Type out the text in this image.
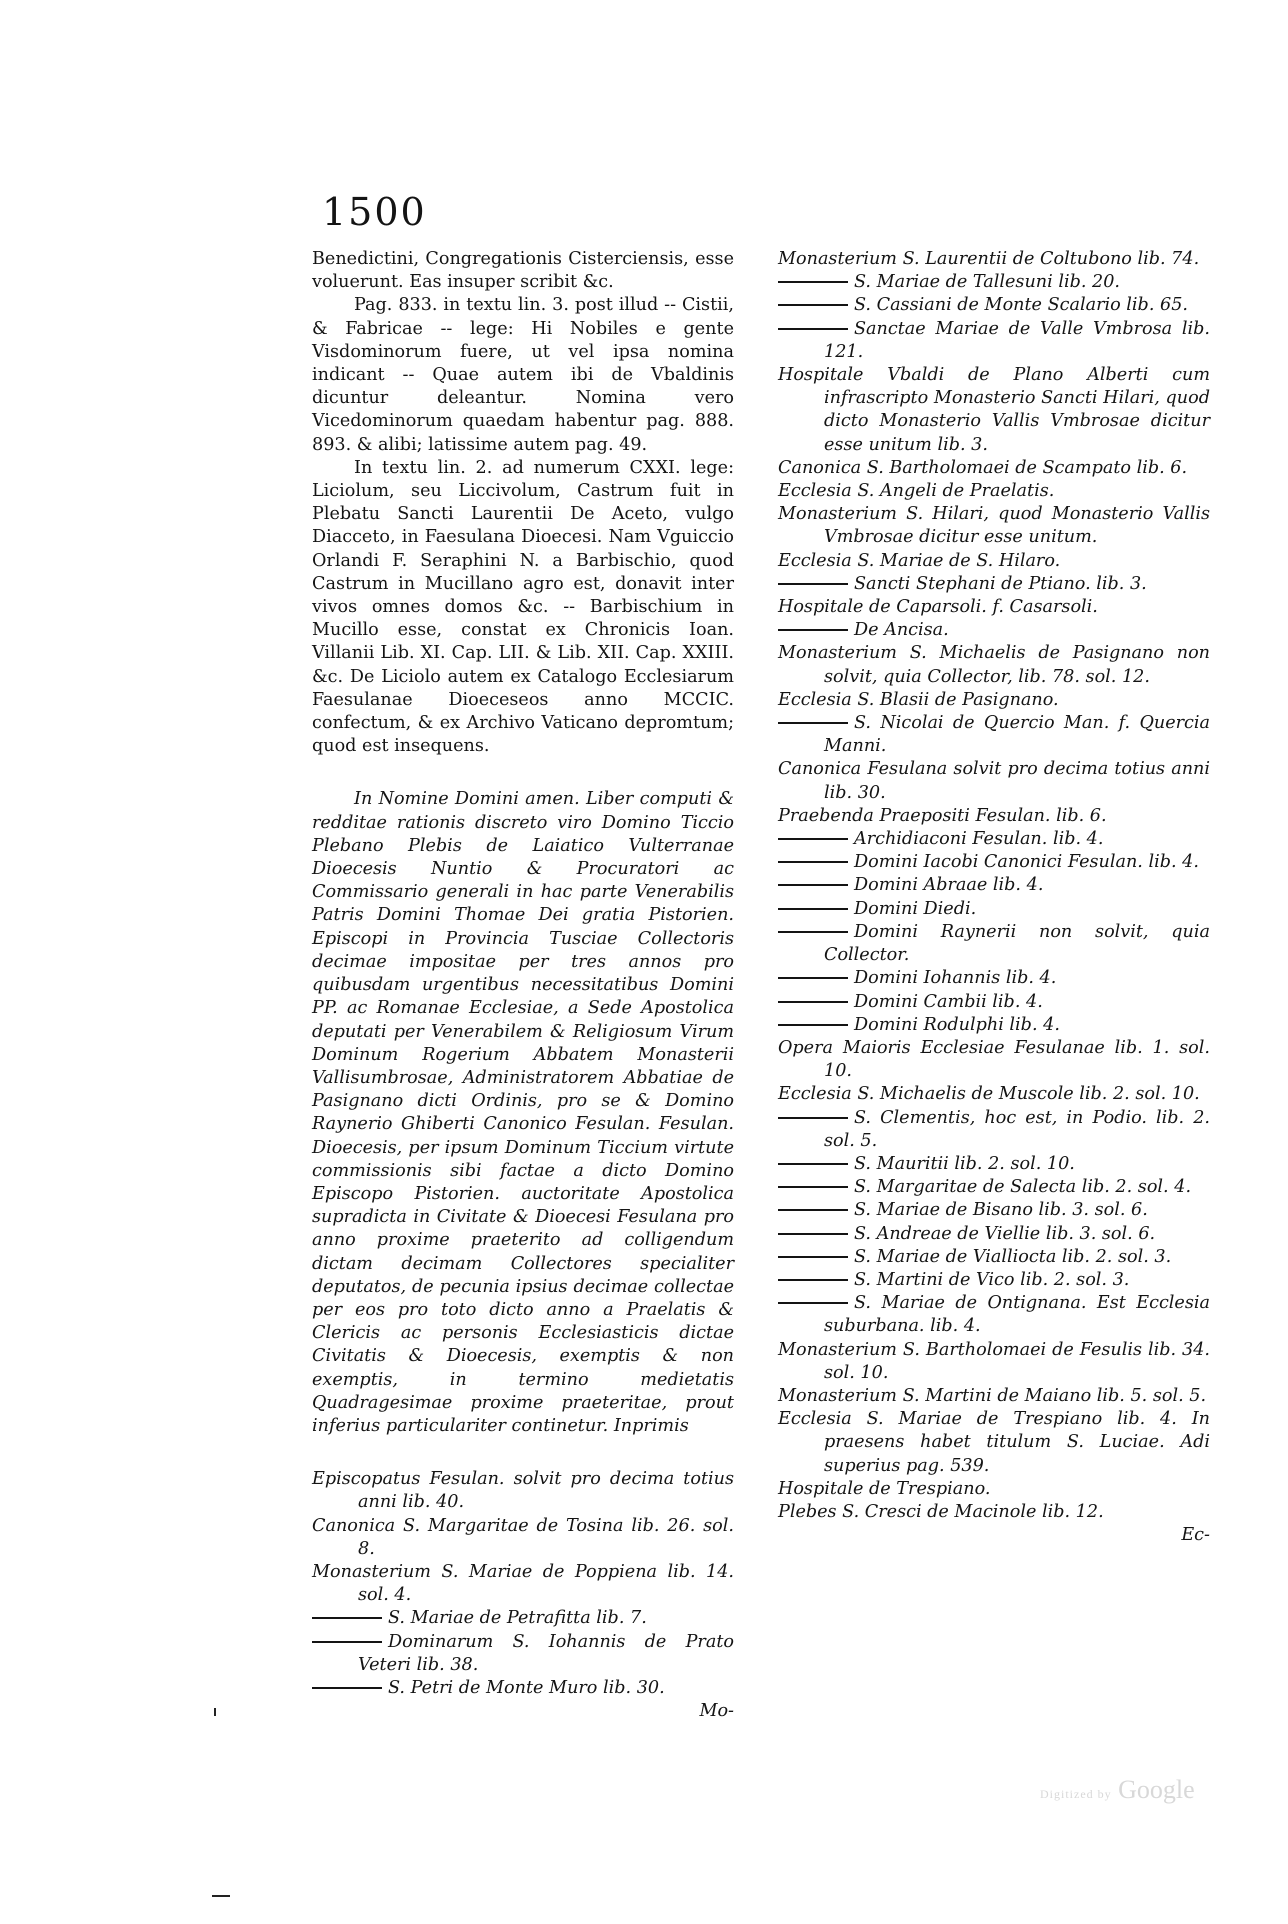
1500

Benedictini, Congregationis Cisterciensis, esse voluerunt. Eas insuper scribit &c.

Pag. 833. in textu lin. 3. post illud -- Cistii, & Fabricae -- lege: Hi Nobiles e gente Visdominorum fuere, ut vel ipsa nomina indicant -- Quae autem ibi de Vbaldinis dicuntur deleantur. Nomina vero Vicedominorum quaedam habentur pag. 888. 893. & alibi; latissime autem pag. 49.

In textu lin. 2. ad numerum CXXI. lege: Liciolum, seu Liccivolum, Castrum fuit in Plebatu Sancti Laurentii De Aceto, vulgo Diacceto, in Faesulana Dioecesi. Nam Vguiccio Orlandi F. Seraphini N. a Barbischio, quod Castrum in Mucillano agro est, donavit inter vivos omnes domos &c. -- Barbischium in Mucillo esse, constat ex Chronicis Ioan. Villanii Lib. XI. Cap. LII. & Lib. XII. Cap. XXIII. &c. De Liciolo autem ex Catalogo Ecclesiarum Faesulanae Dioeceseos anno MCCIC. confectum, & ex Archivo Vaticano depromtum; quod est insequens.

In Nomine Domini amen. Liber computi & redditae rationis discreto viro Domino Ticcio Plebano Plebis de Laiatico Vulterranae Dioecesis Nuntio & Procuratori ac Commissario generali in hac parte Venerabilis Patris Domini Thomae Dei gratia Pistorien. Episcopi in Provincia Tusciae Collectoris decimae impositae per tres annos pro quibusdam urgentibus necessitatibus Domini PP. ac Romanae Ecclesiae, a Sede Apostolica deputati per Venerabilem & Religiosum Virum Dominum Rogerium Abbatem Monasterii Vallisumbrosae, Administratorem Abbatiae de Pasignano dicti Ordinis, pro se & Domino Raynerio Ghiberti Canonico Fesulan. Fesulan. Dioecesis, per ipsum Dominum Ticcium virtute commissionis sibi factae a dicto Domino Episcopo Pistorien. auctoritate Apostolica supradicta in Civitate & Dioecesi Fesulana pro anno proxime praeterito ad colligendum dictam decimam Collectores specialiter deputatos, de pecunia ipsius decimae collectae per eos pro toto dicto anno a Praelatis & Clericis ac personis Ecclesiasticis dictae Civitatis & Dioecesis, exemptis & non exemptis, in termino medietatis Quadragesimae proxime praeteritae, prout inferius particulariter continetur. Inprimis

Episcopatus Fesulan. solvit pro decima totius anni lib. 40.

Canonica S. Margaritae de Tosina lib. 26. sol. 8.

Monasterium S. Mariae de Poppiena lib. 14. sol. 4.

S. Mariae de Petrafitta lib. 7.

Dominarum S. Iohannis de Prato Veteri lib. 38.

S. Petri de Monte Muro lib. 30.

Mo-

Monasterium S. Laurentii de Coltubono lib. 74.

S. Mariae de Tallesuni lib. 20.

S. Cassiani de Monte Scalario lib. 65.

Sanctae Mariae de Valle Vmbrosa lib. 121.

Hospitale Vbaldi de Plano Alberti cum infrascripto Monasterio Sancti Hilari, quod dicto Monasterio Vallis Vmbrosae dicitur esse unitum lib. 3.

Canonica S. Bartholomaei de Scampato lib. 6.

Ecclesia S. Angeli de Praelatis.

Monasterium S. Hilari, quod Monasterio Vallis Vmbrosae dicitur esse unitum.

Ecclesia S. Mariae de S. Hilaro.

Sancti Stephani de Ptiano. lib. 3.

Hospitale de Caparsoli. f. Casarsoli.

De Ancisa.

Monasterium S. Michaelis de Pasignano non solvit, quia Collector, lib. 78. sol. 12.

Ecclesia S. Blasii de Pasignano.

S. Nicolai de Quercio Man. f. Quercia Manni.

Canonica Fesulana solvit pro decima totius anni lib. 30.

Praebenda Praepositi Fesulan. lib. 6.

Archidiaconi Fesulan. lib. 4.

Domini Iacobi Canonici Fesulan. lib. 4.

Domini Abraae lib. 4.

Domini Diedi.

Domini Raynerii non solvit, quia Collector.

Domini Iohannis lib. 4.

Domini Cambii lib. 4.

Domini Rodulphi lib. 4.

Opera Maioris Ecclesiae Fesulanae lib. 1. sol. 10.

Ecclesia S. Michaelis de Muscole lib. 2. sol. 10.

S. Clementis, hoc est, in Podio. lib. 2. sol. 5.

S. Mauritii lib. 2. sol. 10.

S. Margaritae de Salecta lib. 2. sol. 4.

S. Mariae de Bisano lib. 3. sol. 6.

S. Andreae de Viellie lib. 3. sol. 6.

S. Mariae de Vialliocta lib. 2. sol. 3.

S. Martini de Vico lib. 2. sol. 3.

S. Mariae de Ontignana. Est Ecclesia suburbana. lib. 4.

Monasterium S. Bartholomaei de Fesulis lib. 34. sol. 10.

Monasterium S. Martini de Maiano lib. 5. sol. 5.

Ecclesia S. Mariae de Trespiano lib. 4. In praesens habet titulum S. Luciae. Adi superius pag. 539.

Hospitale de Trespiano.

Plebes S. Cresci de Macinole lib. 12.

Ec-

Digitized by Google
